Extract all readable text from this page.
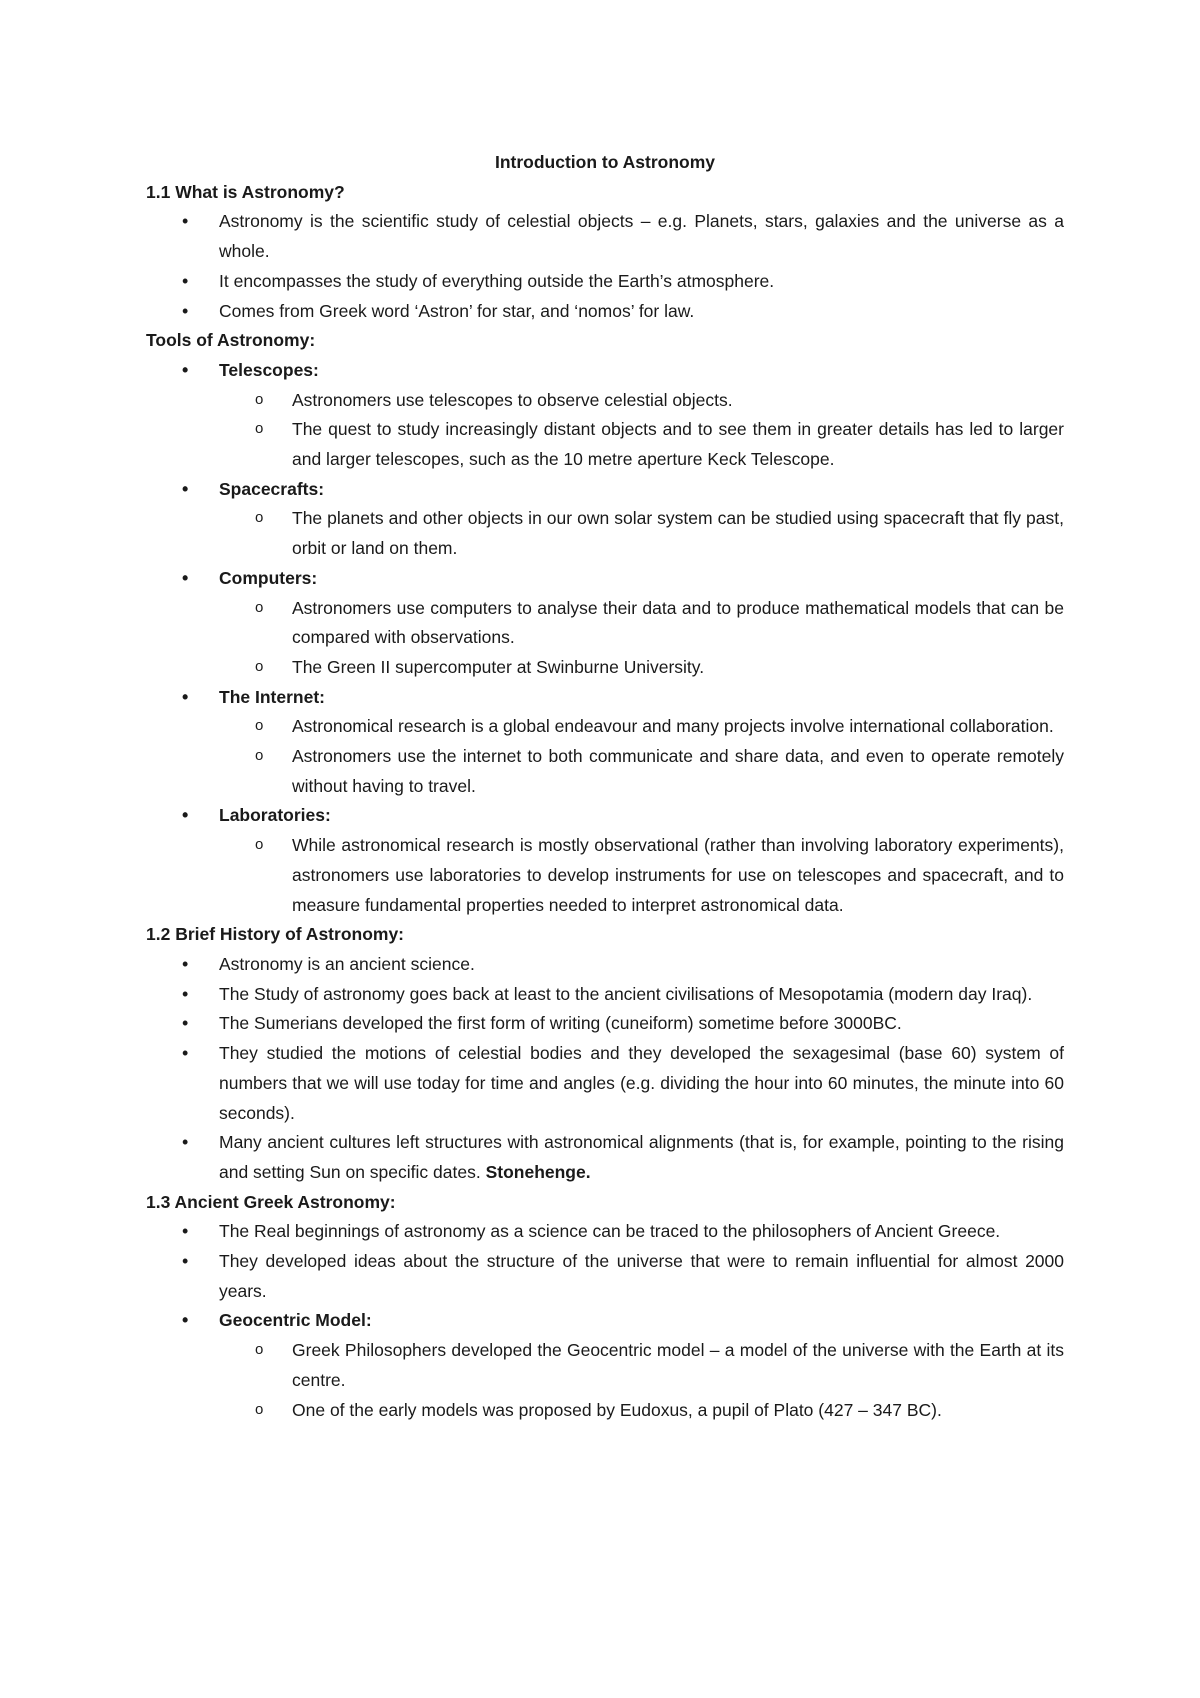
Introduction to Astronomy

1.1 What is Astronomy?

• Astronomy is the scientific study of celestial objects – e.g. Planets, stars, galaxies and the universe as a whole.
• It encompasses the study of everything outside the Earth’s atmosphere.
• Comes from Greek word ‘Astron’ for star, and ‘nomos’ for law.

Tools of Astronomy:

• Telescopes:
o Astronomers use telescopes to observe celestial objects.
o The quest to study increasingly distant objects and to see them in greater details has led to larger and larger telescopes, such as the 10 metre aperture Keck Telescope.
• Spacecrafts:
o The planets and other objects in our own solar system can be studied using spacecraft that fly past, orbit or land on them.
• Computers:
o Astronomers use computers to analyse their data and to produce mathematical models that can be compared with observations.
o The Green II supercomputer at Swinburne University.
• The Internet:
o Astronomical research is a global endeavour and many projects involve international collaboration.
o Astronomers use the internet to both communicate and share data, and even to operate remotely without having to travel.
• Laboratories:
o While astronomical research is mostly observational (rather than involving laboratory experiments), astronomers use laboratories to develop instruments for use on telescopes and spacecraft, and to measure fundamental properties needed to interpret astronomical data.

1.2 Brief History of Astronomy:

• Astronomy is an ancient science.
• The Study of astronomy goes back at least to the ancient civilisations of Mesopotamia (modern day Iraq).
• The Sumerians developed the first form of writing (cuneiform) sometime before 3000BC.
• They studied the motions of celestial bodies and they developed the sexagesimal (base 60) system of numbers that we will use today for time and angles (e.g. dividing the hour into 60 minutes, the minute into 60 seconds).
• Many ancient cultures left structures with astronomical alignments (that is, for example, pointing to the rising and setting Sun on specific dates. Stonehenge.

1.3 Ancient Greek Astronomy:

• The Real beginnings of astronomy as a science can be traced to the philosophers of Ancient Greece.
• They developed ideas about the structure of the universe that were to remain influential for almost 2000 years.
• Geocentric Model:
o Greek Philosophers developed the Geocentric model – a model of the universe with the Earth at its centre.
o One of the early models was proposed by Eudoxus, a pupil of Plato (427 – 347 BC).
